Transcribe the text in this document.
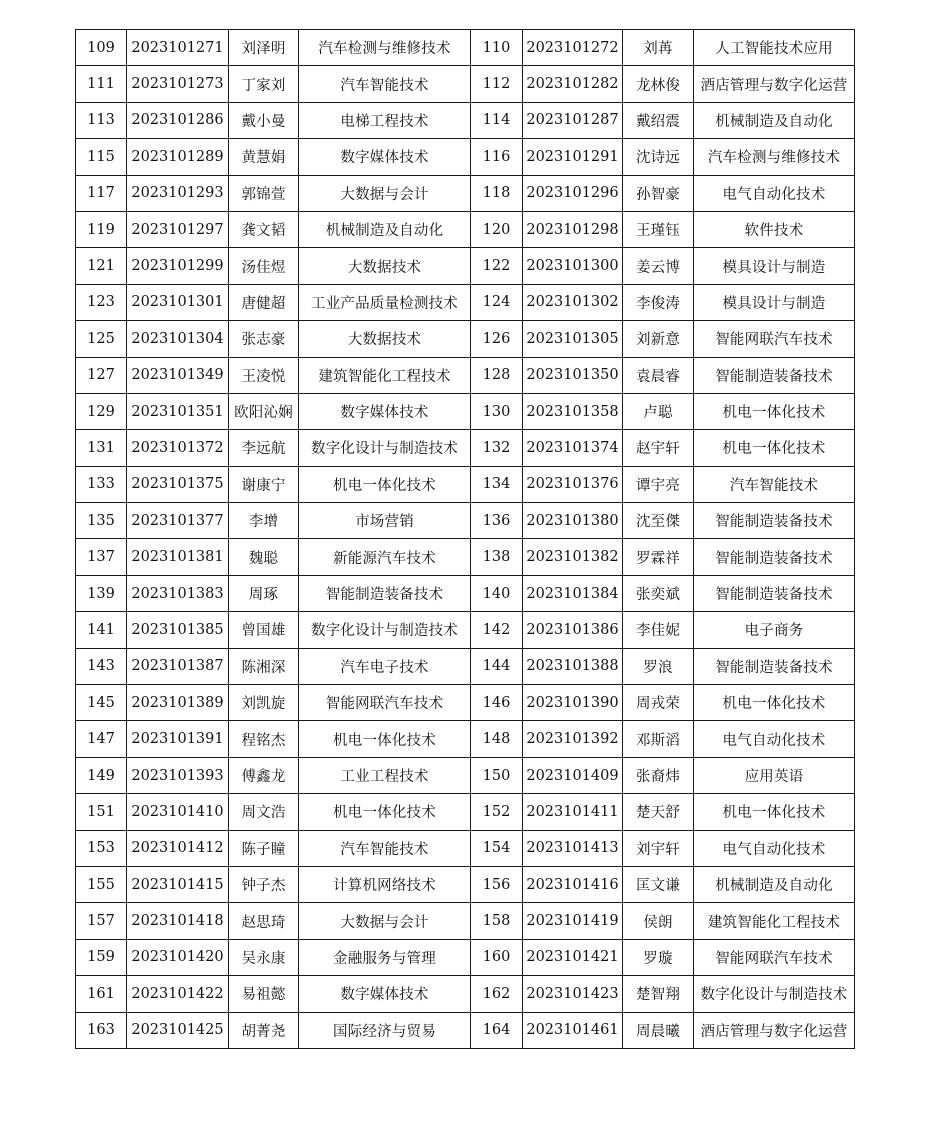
109	2023101271	刘泽明	汽车检测与维修技术	110	2023101272	刘苒	人工智能技术应用
111	2023101273	丁家刘	汽车智能技术	112	2023101282	龙林俊	酒店管理与数字化运营
113	2023101286	戴小曼	电梯工程技术	114	2023101287	戴绍震	机械制造及自动化
115	2023101289	黄慧娟	数字媒体技术	116	2023101291	沈诗远	汽车检测与维修技术
117	2023101293	郭锦萱	大数据与会计	118	2023101296	孙智豪	电气自动化技术
119	2023101297	龚文韬	机械制造及自动化	120	2023101298	王瑾钰	软件技术
121	2023101299	汤佳煜	大数据技术	122	2023101300	姜云博	模具设计与制造
123	2023101301	唐健超	工业产品质量检测技术	124	2023101302	李俊涛	模具设计与制造
125	2023101304	张志豪	大数据技术	126	2023101305	刘新意	智能网联汽车技术
127	2023101349	王凌悦	建筑智能化工程技术	128	2023101350	袁晨睿	智能制造装备技术
129	2023101351	欧阳沁娴	数字媒体技术	130	2023101358	卢聪	机电一体化技术
131	2023101372	李远航	数字化设计与制造技术	132	2023101374	赵宇轩	机电一体化技术
133	2023101375	谢康宁	机电一体化技术	134	2023101376	谭宇亮	汽车智能技术
135	2023101377	李增	市场营销	136	2023101380	沈至傑	智能制造装备技术
137	2023101381	魏聪	新能源汽车技术	138	2023101382	罗霖祥	智能制造装备技术
139	2023101383	周琢	智能制造装备技术	140	2023101384	张奕斌	智能制造装备技术
141	2023101385	曾国雄	数字化设计与制造技术	142	2023101386	李佳妮	电子商务
143	2023101387	陈湘深	汽车电子技术	144	2023101388	罗浪	智能制造装备技术
145	2023101389	刘凯旋	智能网联汽车技术	146	2023101390	周戎荣	机电一体化技术
147	2023101391	程铭杰	机电一体化技术	148	2023101392	邓斯滔	电气自动化技术
149	2023101393	傅鑫龙	工业工程技术	150	2023101409	张裔炜	应用英语
151	2023101410	周文浩	机电一体化技术	152	2023101411	楚天舒	机电一体化技术
153	2023101412	陈子瞳	汽车智能技术	154	2023101413	刘宇轩	电气自动化技术
155	2023101415	钟子杰	计算机网络技术	156	2023101416	匡文谦	机械制造及自动化
157	2023101418	赵思琦	大数据与会计	158	2023101419	侯朗	建筑智能化工程技术
159	2023101420	吴永康	金融服务与管理	160	2023101421	罗璇	智能网联汽车技术
161	2023101422	易祖懿	数字媒体技术	162	2023101423	楚智翔	数字化设计与制造技术
163	2023101425	胡菁尧	国际经济与贸易	164	2023101461	周晨曦	酒店管理与数字化运营
